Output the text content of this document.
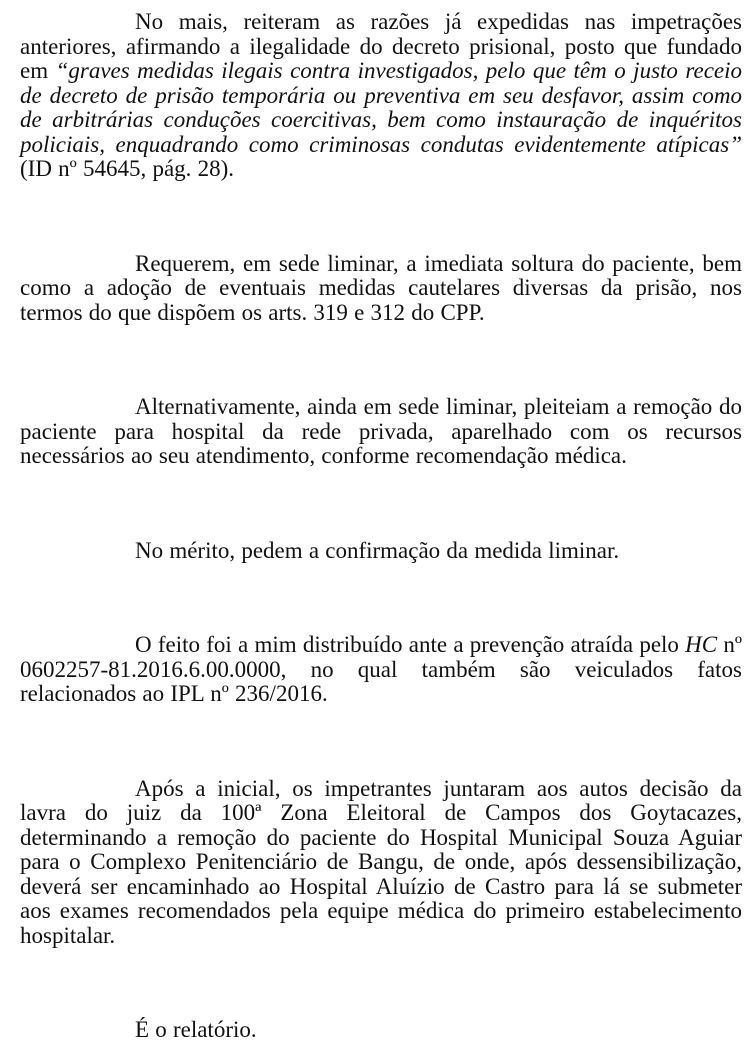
No mais, reiteram as razões já expedidas nas impetrações anteriores, afirmando a ilegalidade do decreto prisional, posto que fundado em “graves medidas ilegais contra investigados, pelo que têm o justo receio de decreto de prisão temporária ou preventiva em seu desfavor, assim como de arbitrárias conduções coercitivas, bem como instauração de inquéritos policiais, enquadrando como criminosas condutas evidentemente atípicas” (ID nº 54645, pág. 28).

Requerem, em sede liminar, a imediata soltura do paciente, bem como a adoção de eventuais medidas cautelares diversas da prisão, nos termos do que dispõem os arts. 319 e 312 do CPP.

Alternativamente, ainda em sede liminar, pleiteiam a remoção do paciente para hospital da rede privada, aparelhado com os recursos necessários ao seu atendimento, conforme recomendação médica.

No mérito, pedem a confirmação da medida liminar.

O feito foi a mim distribuído ante a prevenção atraída pelo HC nº 0602257-81.2016.6.00.0000, no qual também são veiculados fatos relacionados ao IPL nº 236/2016.

Após a inicial, os impetrantes juntaram aos autos decisão da lavra do juiz da 100ª Zona Eleitoral de Campos dos Goytacazes, determinando a remoção do paciente do Hospital Municipal Souza Aguiar para o Complexo Penitenciário de Bangu, de onde, após dessensibilização, deverá ser encaminhado ao Hospital Aluízio de Castro para lá se submeter aos exames recomendados pela equipe médica do primeiro estabelecimento hospitalar.

É o relatório.
